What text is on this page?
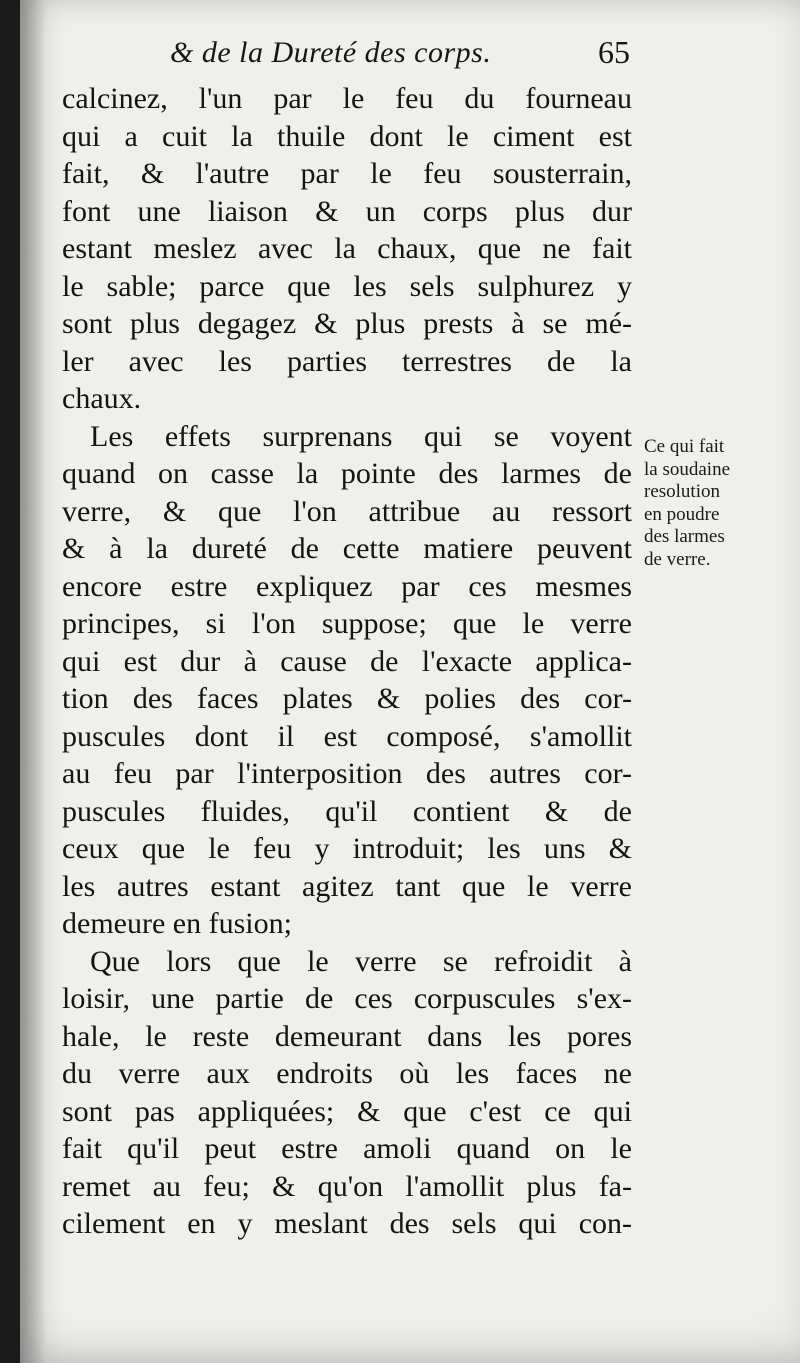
& de la Dureté des corps.	65
calcinez, l'un par le feu du fourneau
qui a cuit la thuile dont le ciment est
fait, & l'autre par le feu sousterrain,
font une liaison & un corps plus dur
estant meslez avec la chaux, que ne fait
le sable; parce que les sels sulphurez y
sont plus degagez & plus prests à se mé-
ler avec les parties terrestres de la
chaux.
Les effets surprenans qui se voyent
quand on casse la pointe des larmes de
verre, & que l'on attribue au ressort
& à la dureté de cette matiere peuvent
encore estre expliquez par ces mesmes
principes, si l'on suppose; que le verre
qui est dur à cause de l'exacte applica-
tion des faces plates & polies des cor-
puscules dont il est composé, s'amollit
au feu par l'interposition des autres cor-
puscules fluides, qu'il contient & de
ceux que le feu y introduit; les uns &
les autres estant agitez tant que le verre
demeure en fusion;
Que lors que le verre se refroidit à
loisir, une partie de ces corpuscules s'ex-
hale, le reste demeurant dans les pores
du verre aux endroits où les faces ne
sont pas appliquées; & que c'est ce qui
fait qu'il peut estre amoli quand on le
remet au feu; & qu'on l'amollit plus fa-
cilement en y meslant des sels qui con-
Ce qui fait
la soudaine
resolution
en poudre
des larmes
de verre.
